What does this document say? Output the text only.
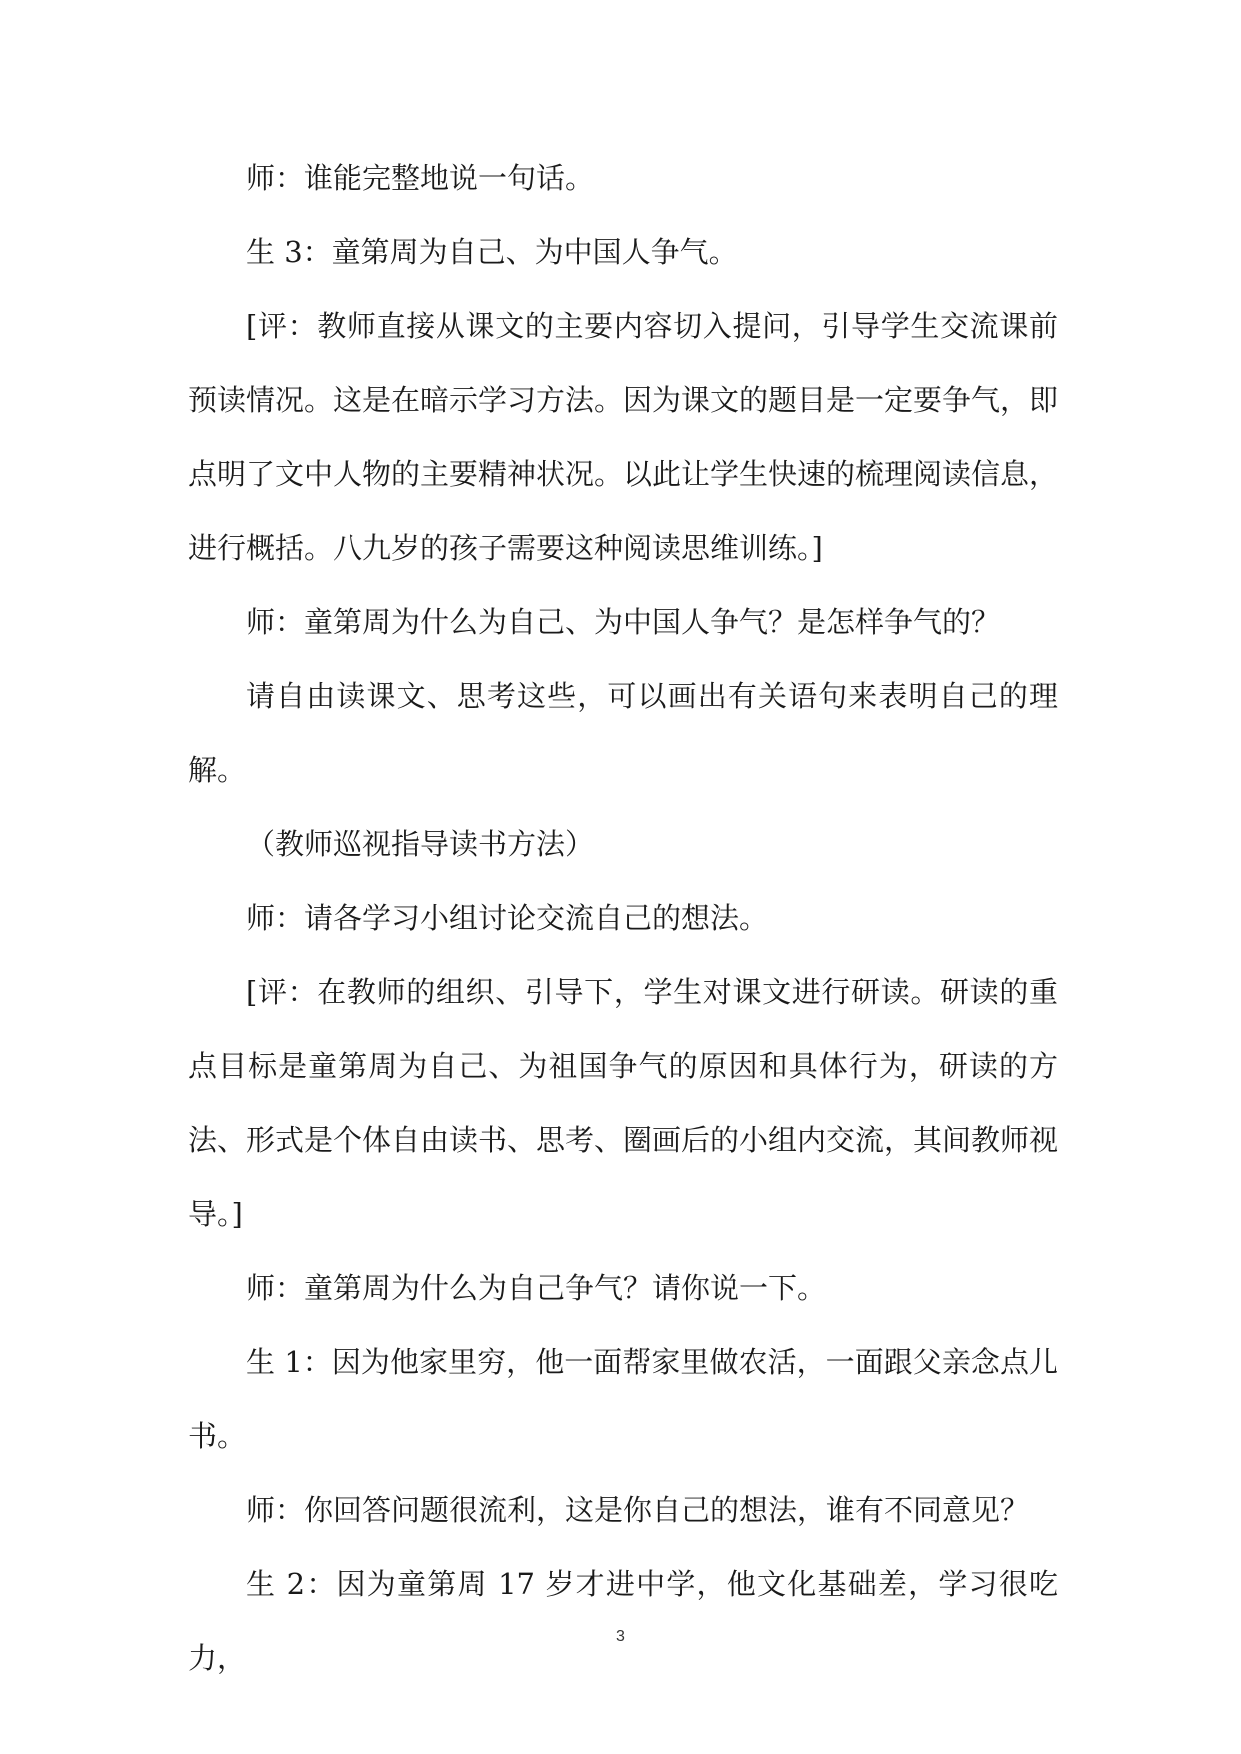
师：谁能完整地说一句话。

生 3：童第周为自己、为中国人争气。

[评：教师直接从课文的主要内容切入提问，引导学生交流课前预读情况。这是在暗示学习方法。因为课文的题目是一定要争气，即点明了文中人物的主要精神状况。以此让学生快速的梳理阅读信息，进行概括。八九岁的孩子需要这种阅读思维训练。]

师：童第周为什么为自己、为中国人争气？是怎样争气的？

请自由读课文、思考这些，可以画出有关语句来表明自己的理解。

（教师巡视指导读书方法）

师：请各学习小组讨论交流自己的想法。

[评：在教师的组织、引导下，学生对课文进行研读。研读的重点目标是童第周为自己、为祖国争气的原因和具体行为，研读的方法、形式是个体自由读书、思考、圈画后的小组内交流，其间教师视导。]

师：童第周为什么为自己争气？请你说一下。

生 1：因为他家里穷，他一面帮家里做农活，一面跟父亲念点儿书。

师：你回答问题很流利，这是你自己的想法，谁有不同意见？

生 2：因为童第周 17 岁才进中学，他文化基础差，学习很吃力，

3
